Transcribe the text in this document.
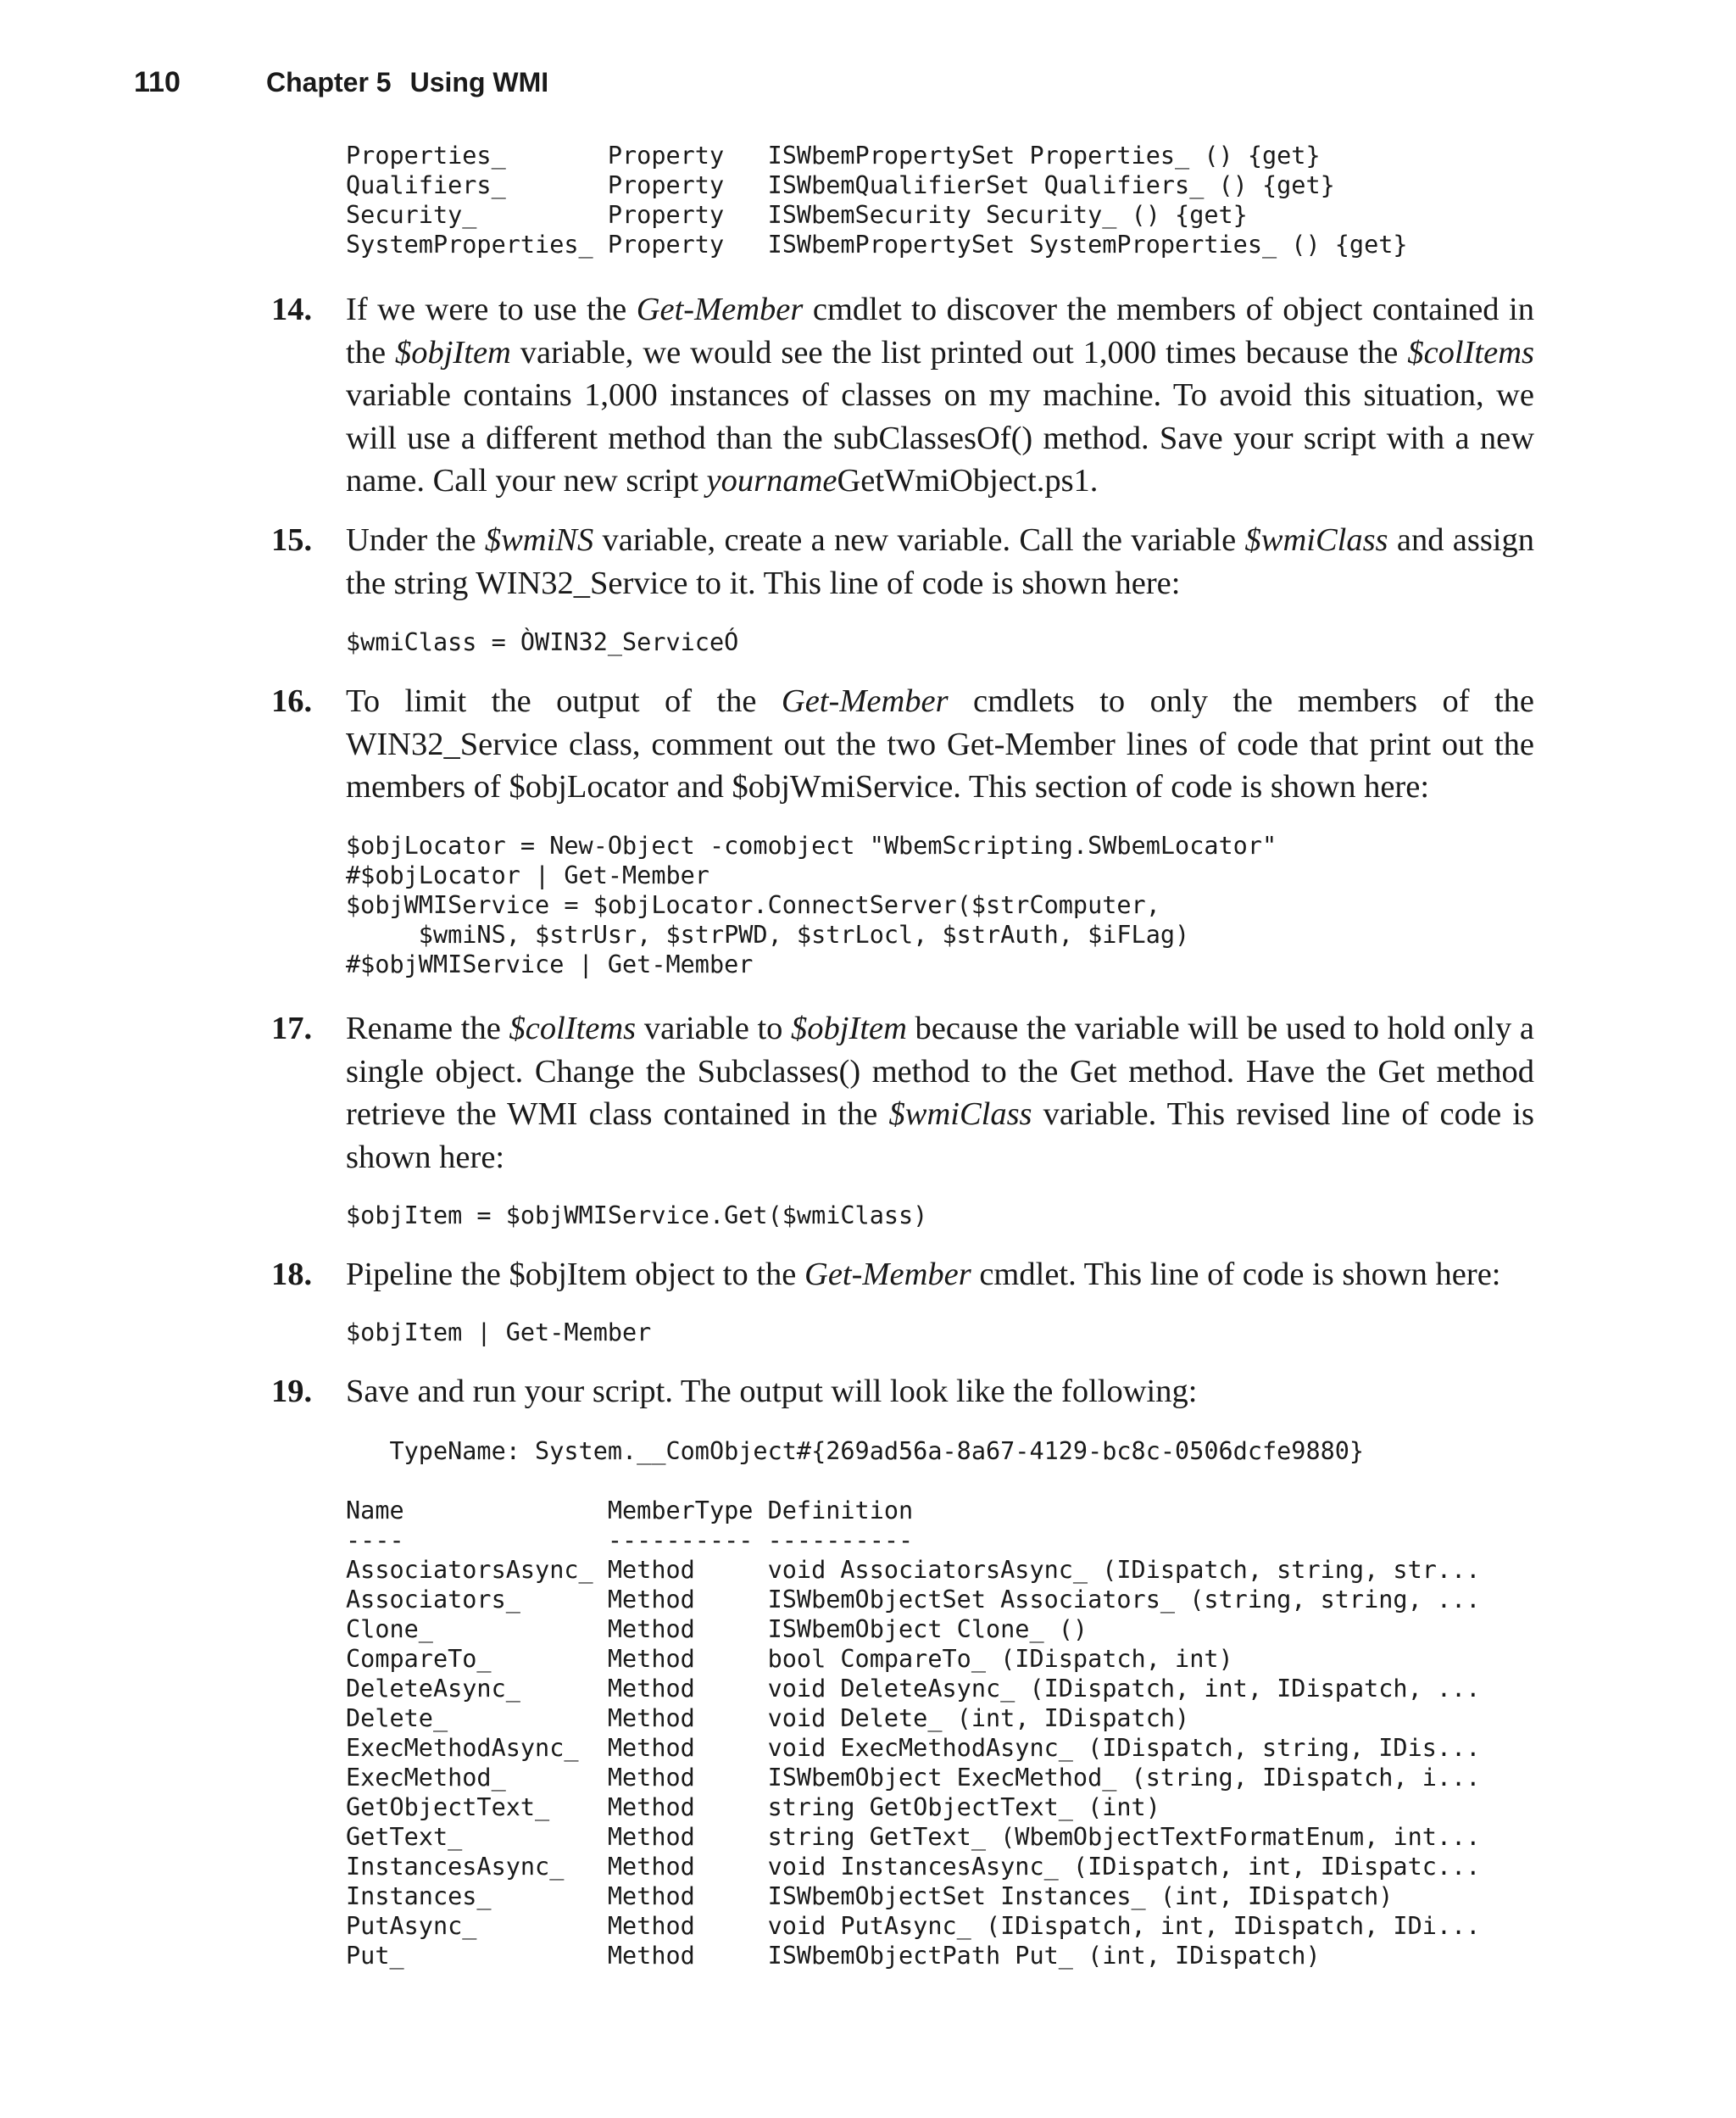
110	Chapter 5 Using WMI
Properties_       Property   ISWbemPropertySet Properties_ () {get}
Qualifiers_       Property   ISWbemQualifierSet Qualifiers_ () {get}
Security_         Property   ISWbemSecurity Security_ () {get}
SystemProperties_ Property   ISWbemPropertySet SystemProperties_ () {get}
14. If we were to use the Get-Member cmdlet to discover the members of object contained in the $objItem variable, we would see the list printed out 1,000 times because the $colItems variable contains 1,000 instances of classes on my machine. To avoid this situation, we will use a different method than the subClassesOf() method. Save your script with a new name. Call your new script yournameGetWmiObject.ps1.
15. Under the $wmiNS variable, create a new variable. Call the variable $wmiClass and assign the string WIN32_Service to it. This line of code is shown here:
$wmiClass = ÒWIN32_ServiceÓ
16. To limit the output of the Get-Member cmdlets to only the members of the WIN32_Service class, comment out the two Get-Member lines of code that print out the members of $objLocator and $objWmiService. This section of code is shown here:
$objLocator = New-Object -comobject "WbemScripting.SWbemLocator"
#$objLocator | Get-Member
$objWMIService = $objLocator.ConnectServer($strComputer,
$wmiNS, $strUsr, $strPWD, $strLocl, $strAuth, $iFLag)
#$objWMIService | Get-Member
17. Rename the $colItems variable to $objItem because the variable will be used to hold only a single object. Change the Subclasses() method to the Get method. Have the Get method retrieve the WMI class contained in the $wmiClass variable. This revised line of code is shown here:
$objItem = $objWMIService.Get($wmiClass)
18. Pipeline the $objItem object to the Get-Member cmdlet. This line of code is shown here:
$objItem | Get-Member
19. Save and run your script. The output will look like the following:
TypeName: System.__ComObject#{269ad56a-8a67-4129-bc8c-0506dcfe9880}

Name              MemberType Definition
----              ---------- ----------
AssociatorsAsync_ Method     void AssociatorsAsync_ (IDispatch, string, str...
Associators_      Method     ISWbemObjectSet Associators_ (string, string, ...
Clone_            Method     ISWbemObject Clone_ ()
CompareTo_        Method     bool CompareTo_ (IDispatch, int)
DeleteAsync_      Method     void DeleteAsync_ (IDispatch, int, IDispatch, ...
Delete_           Method     void Delete_ (int, IDispatch)
ExecMethodAsync_  Method     void ExecMethodAsync_ (IDispatch, string, IDis...
ExecMethod_       Method     ISWbemObject ExecMethod_ (string, IDispatch, i...
GetObjectText_    Method     string GetObjectText_ (int)
GetText_          Method     string GetText_ (WbemObjectTextFormatEnum, int...
InstancesAsync_   Method     void InstancesAsync_ (IDispatch, int, IDispatc...
Instances_        Method     ISWbemObjectSet Instances_ (int, IDispatch)
PutAsync_         Method     void PutAsync_ (IDispatch, int, IDispatch, IDi...
Put_              Method     ISWbemObjectPath Put_ (int, IDispatch)
